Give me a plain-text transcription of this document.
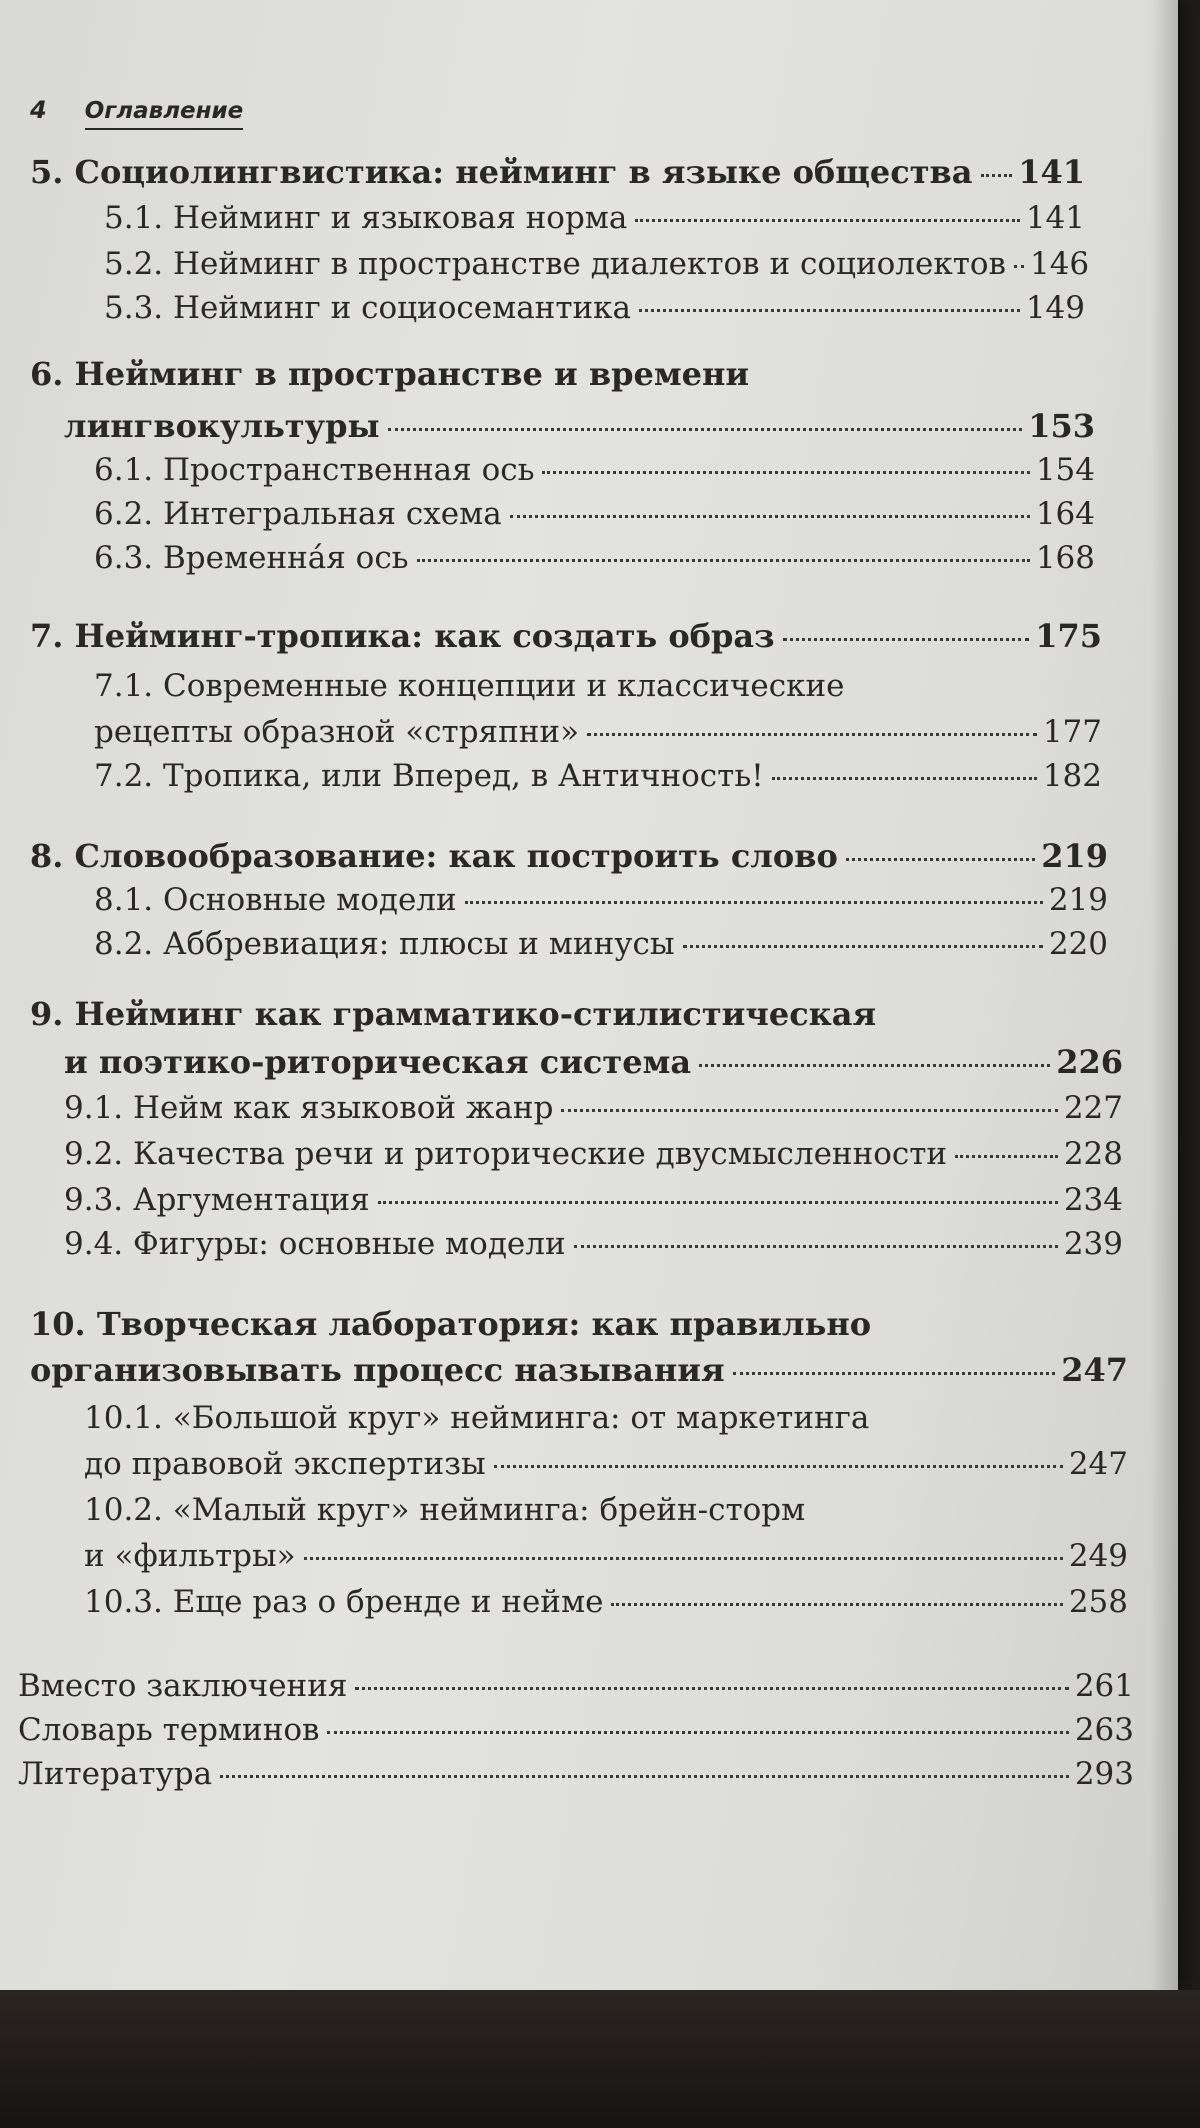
4 Оглавление
5. Социолингвистика: нейминг в языке общества 141
5.1. Нейминг и языковая норма	141
5.2. Нейминг в пространстве диалектов и социолектов 146
5.3. Нейминг и социосемантика	149
6. Нейминг в пространстве и времени
лингвокультуры	153
6.1. Пространственная ось	154
6.2. Интегральная схема	164
6.3. Временна́я ось	168
7. Нейминг-тропика: как создать образ	175
7.1. Современные концепции и классические
рецепты образной «стряпни»	177
7.2. Тропика, или Вперед, в Античность!	182
8. Словообразование: как построить слово	219
8.1. Основные модели	219
8.2. Аббревиация: плюсы и минусы	220
9. Нейминг как грамматико-стилистическая
и поэтико-риторическая система	226
9.1. Нейм как языковой жанр	227
9.2. Качества речи и риторические двусмысленности	228
9.3. Аргументация	234
9.4. Фигуры: основные модели	239
10. Творческая лаборатория: как правильно
организовывать процесс называния	247
10.1. «Большой круг» нейминга: от маркетинга
до правовой экспертизы	247
10.2. «Малый круг» нейминга: брейн-сторм
и «фильтры»	249
10.3. Еще раз о бренде и нейме	258
Вместо заключения	261
Словарь терминов	263
Литература	293
